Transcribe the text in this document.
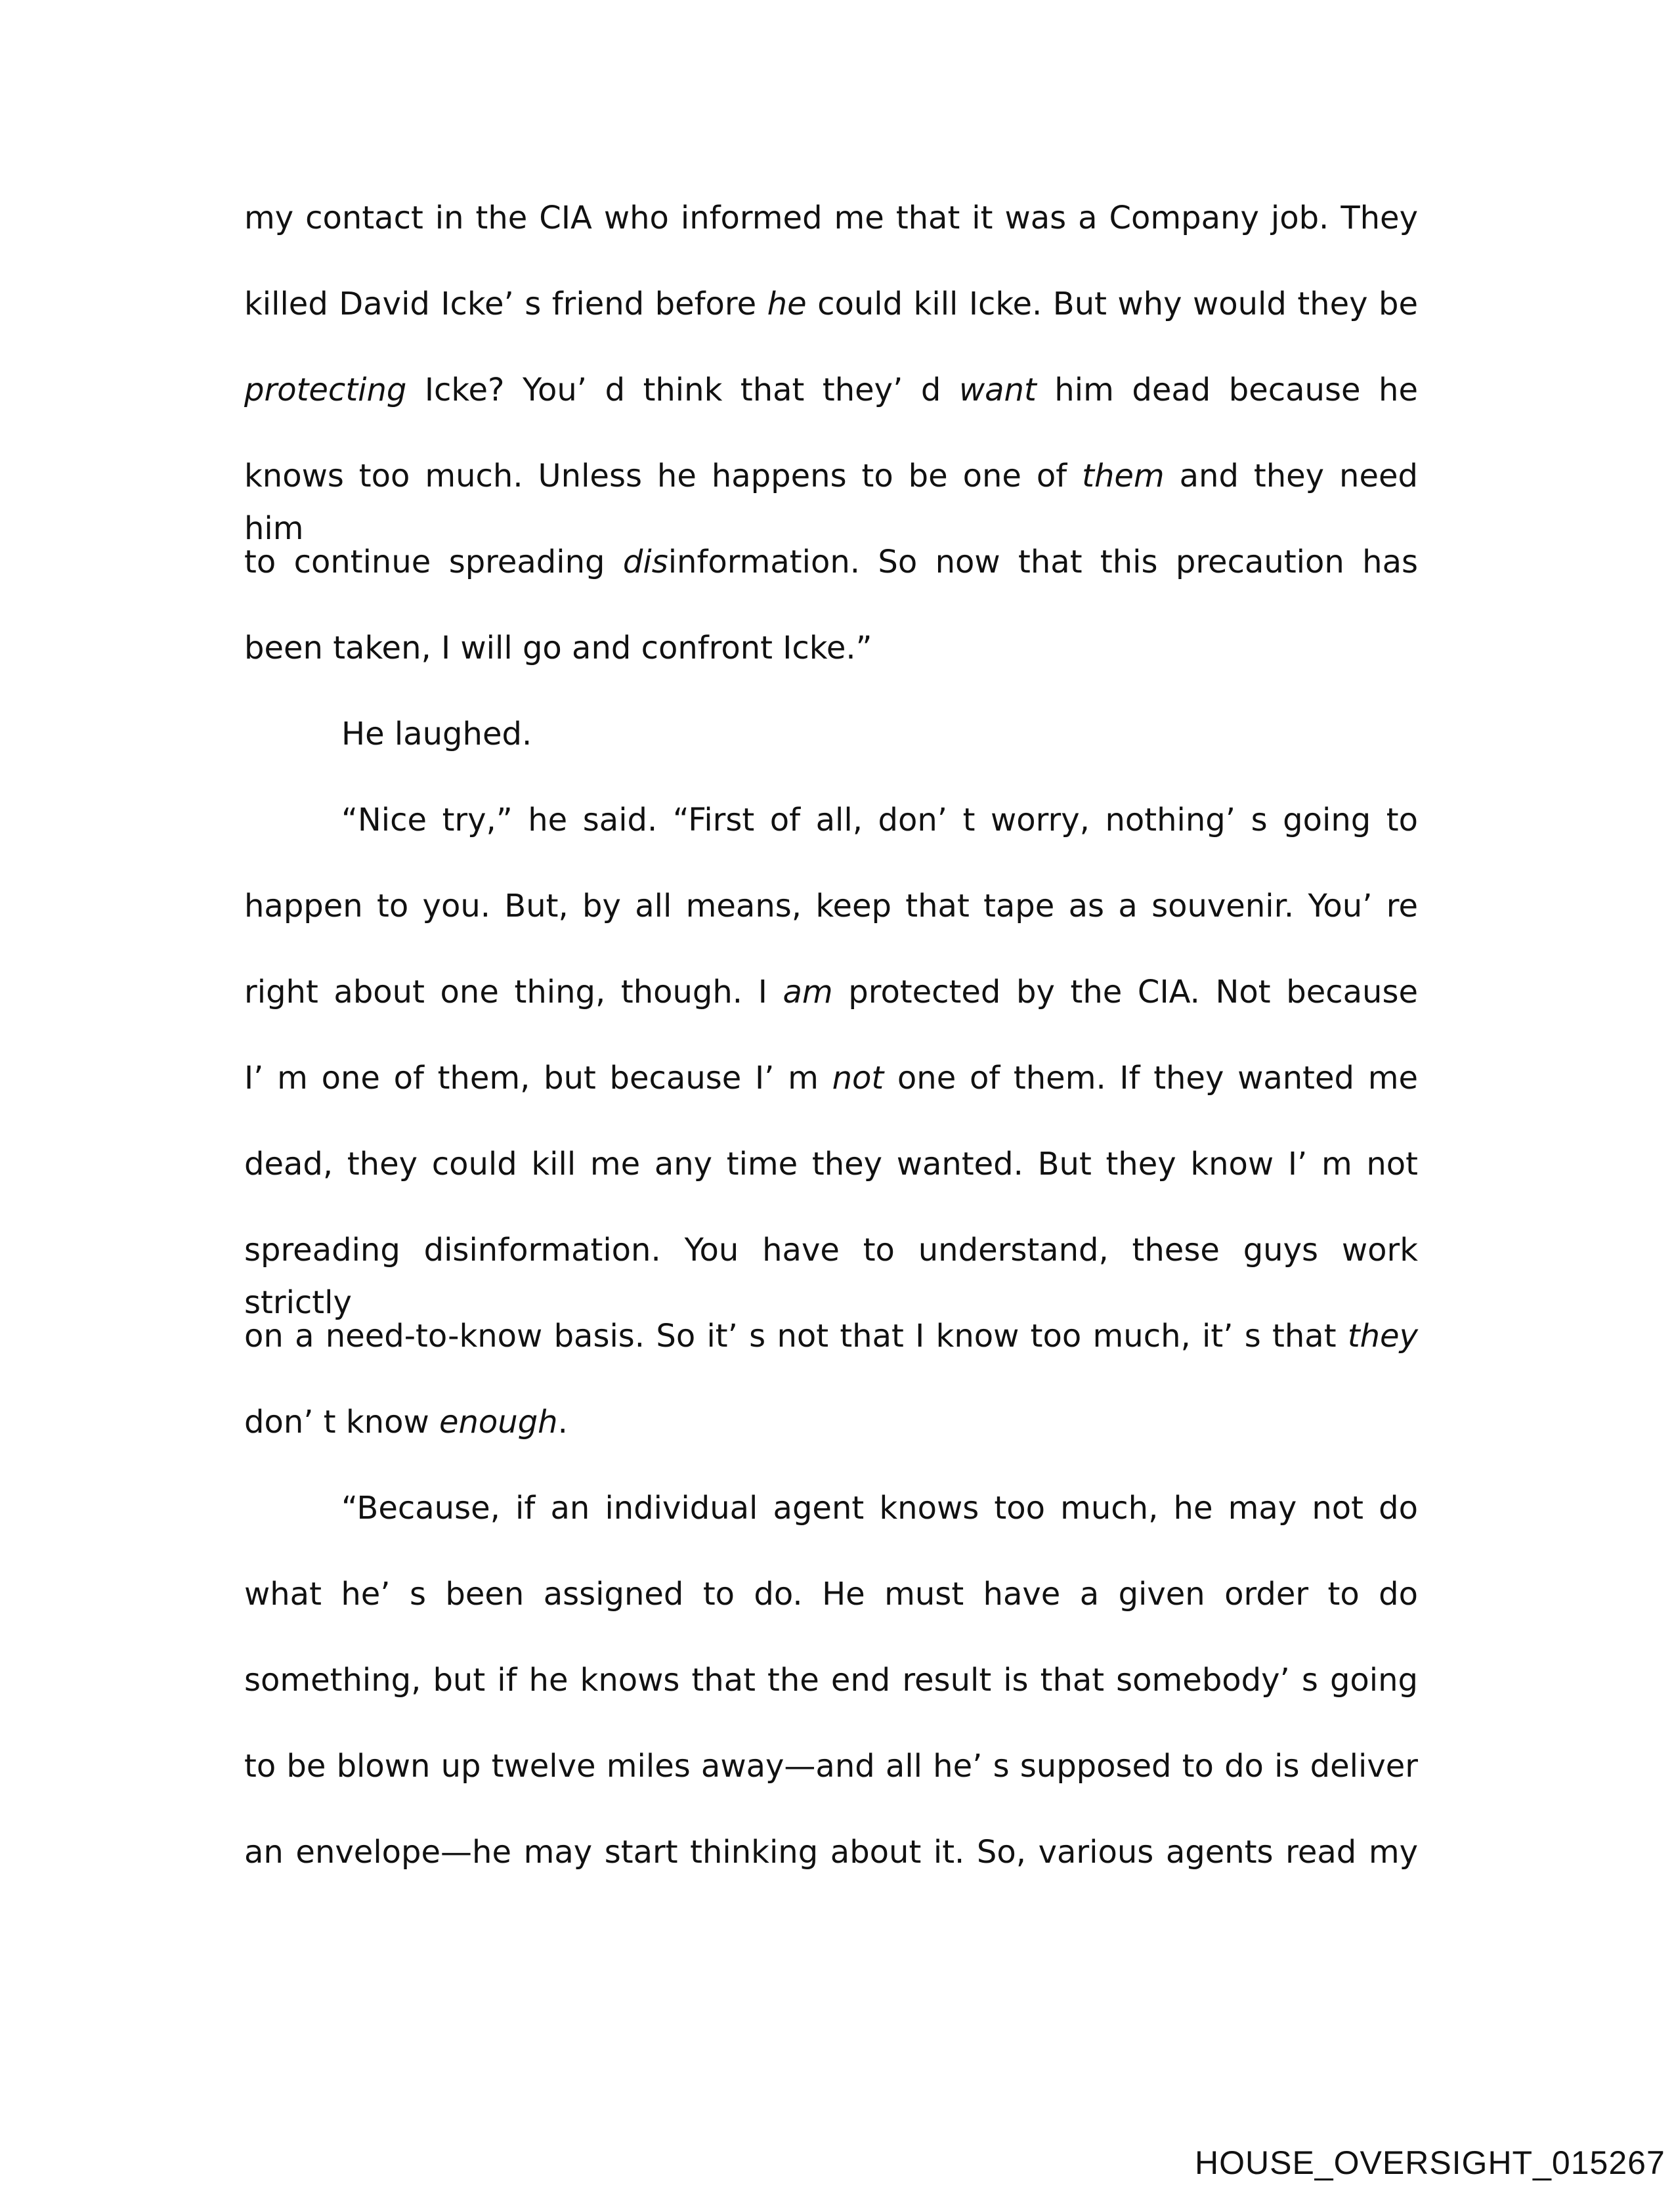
my contact in the CIA who informed me that it was a Company job. They
killed David Icke’ s friend before he could kill Icke. But why would they be
protecting Icke? You’ d think that they’ d want him dead because he
knows too much. Unless he happens to be one of them and they need him
to continue spreading disinformation. So now that this precaution has
been taken, I will go and confront Icke.”
He laughed.
“Nice try,” he said. “First of all, don’ t worry, nothing’ s going to
happen to you. But, by all means, keep that tape as a souvenir. You’ re
right about one thing, though. I am protected by the CIA. Not because
I’ m one of them, but because I’ m not one of them. If they wanted me
dead, they could kill me any time they wanted. But they know I’ m not
spreading disinformation. You have to understand, these guys work strictly
on a need-to-know basis. So it’ s not that I know too much, it’ s that they
don’ t know enough.
“Because, if an individual agent knows too much, he may not do
what he’ s been assigned to do. He must have a given order to do
something, but if he knows that the end result is that somebody’ s going
to be blown up twelve miles away—and all he’ s supposed to do is deliver
an envelope—he may start thinking about it. So, various agents read my
HOUSE_OVERSIGHT_015267
